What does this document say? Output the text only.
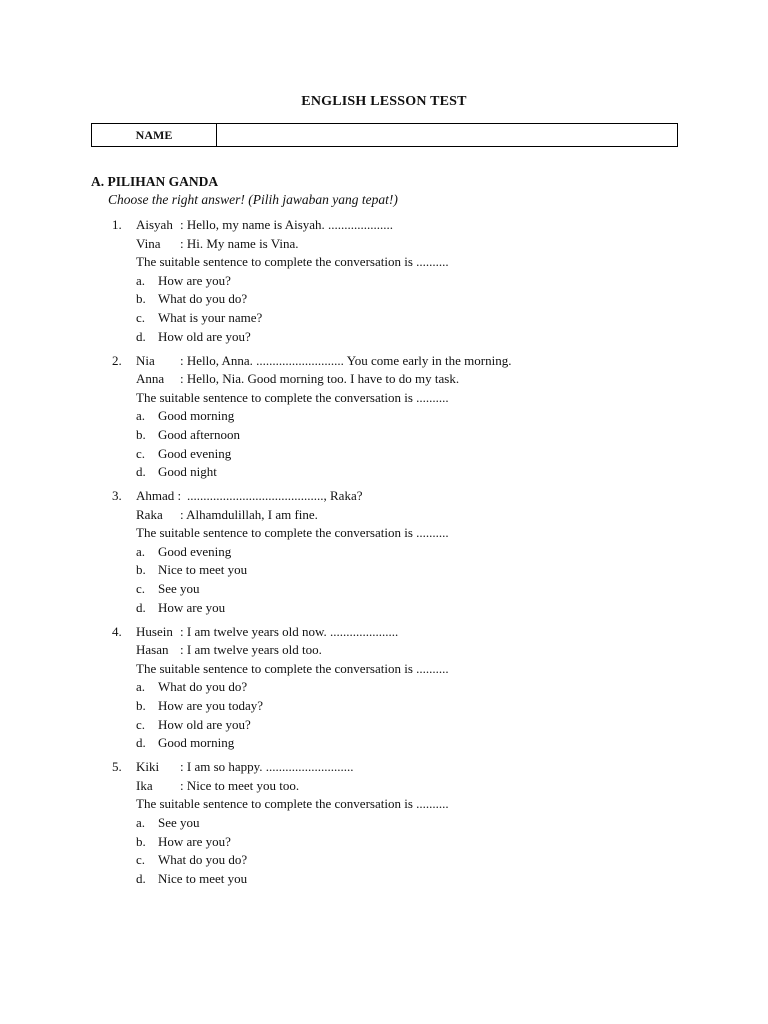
ENGLISH LESSON TEST
NAME
A. PILIHAN GANDA
Choose the right answer! (Pilih jawaban yang tepat!)
1. Aisyah : Hello, my name is Aisyah. ....................
Vina : Hi. My name is Vina.
The suitable sentence to complete the conversation is ..........
a. How are you?
b. What do you do?
c. What is your name?
d. How old are you?
2. Nia : Hello, Anna. ........................... You come early in the morning.
Anna : Hello, Nia. Good morning too. I have to do my task.
The suitable sentence to complete the conversation is ..........
a. Good morning
b. Good afternoon
c. Good evening
d. Good night
3. Ahmad : .........................................., Raka?
Raka : Alhamdulillah, I am fine.
The suitable sentence to complete the conversation is ..........
a. Good evening
b. Nice to meet you
c. See you
d. How are you
4. Husein : I am twelve years old now. .....................
Hasan : I am twelve years old too.
The suitable sentence to complete the conversation is ..........
a. What do you do?
b. How are you today?
c. How old are you?
d. Good morning
5. Kiki : I am so happy. ...........................
Ika : Nice to meet you too.
The suitable sentence to complete the conversation is ..........
a. See you
b. How are you?
c. What do you do?
d. Nice to meet you
